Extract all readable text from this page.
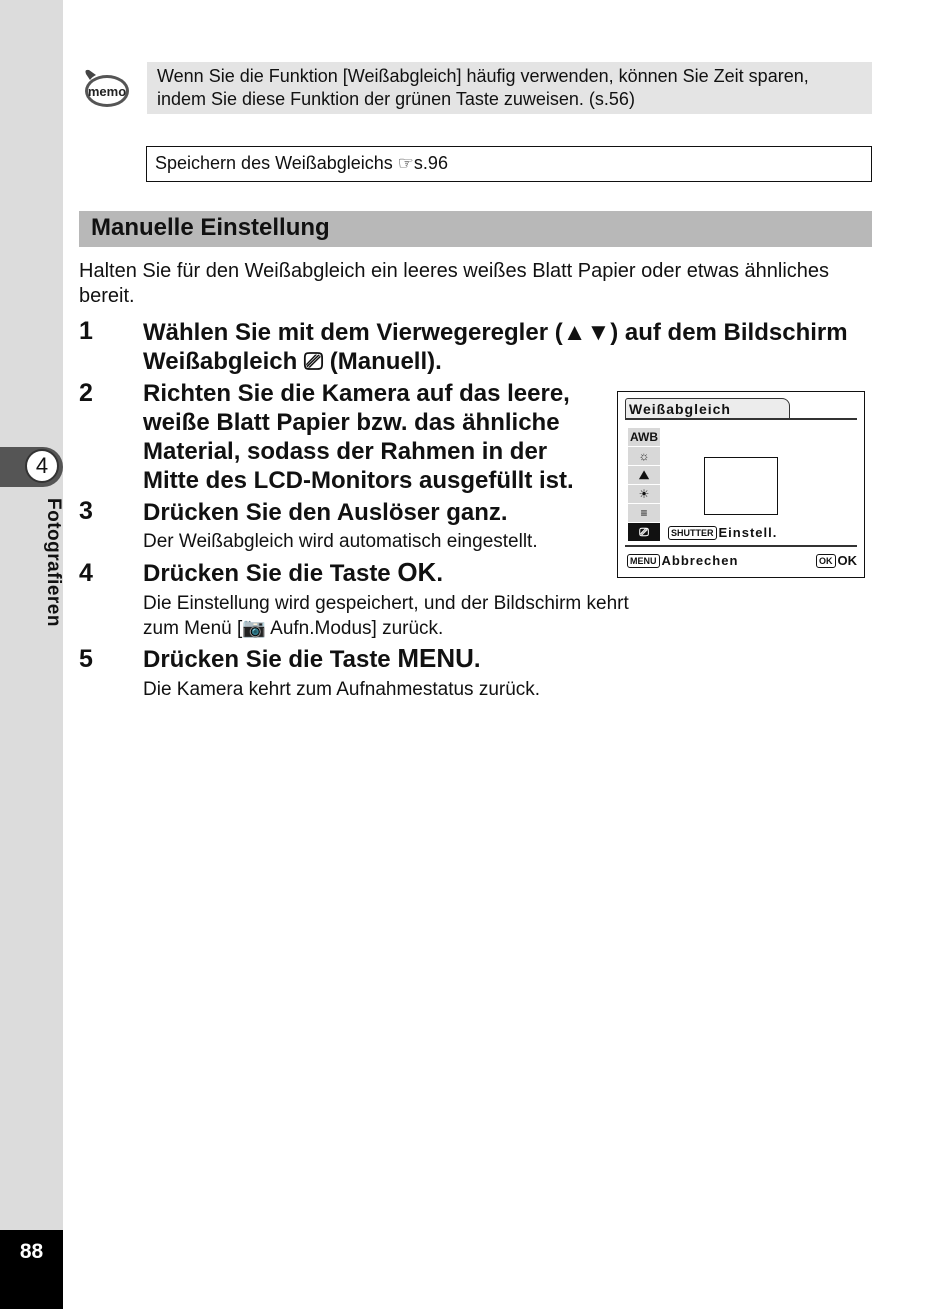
4
Fotografieren
88
memo
Wenn Sie die Funktion [Weißabgleich] häufig verwenden, können Sie Zeit sparen, indem Sie diese Funktion der grünen Taste zuweisen. (s.56)
Speichern des Weißabgleichs ☞s.96
Manuelle Einstellung
Halten Sie für den Weißabgleich ein leeres weißes Blatt Papier oder etwas ähnliches bereit.
1 Wählen Sie mit dem Vierwegeregler (▲▼) auf dem Bildschirm Weißabgleich ⎚ (Manuell).
2 Richten Sie die Kamera auf das leere, weiße Blatt Papier bzw. das ähnliche Material, sodass der Rahmen in der Mitte des LCD-Monitors ausgefüllt ist.
3 Drücken Sie den Auslöser ganz.
Der Weißabgleich wird automatisch eingestellt.
4 Drücken Sie die Taste OK.
Die Einstellung wird gespeichert, und der Bildschirm kehrt zum Menü [📷 Aufn.Modus] zurück.
5 Drücken Sie die Taste MENU.
Die Kamera kehrt zum Aufnahmestatus zurück.
Weißabgleich
AWB
☼
⛰
☀
≡
⎚	SHUTTER Einstell.
MENU Abbrechen	OK OK
